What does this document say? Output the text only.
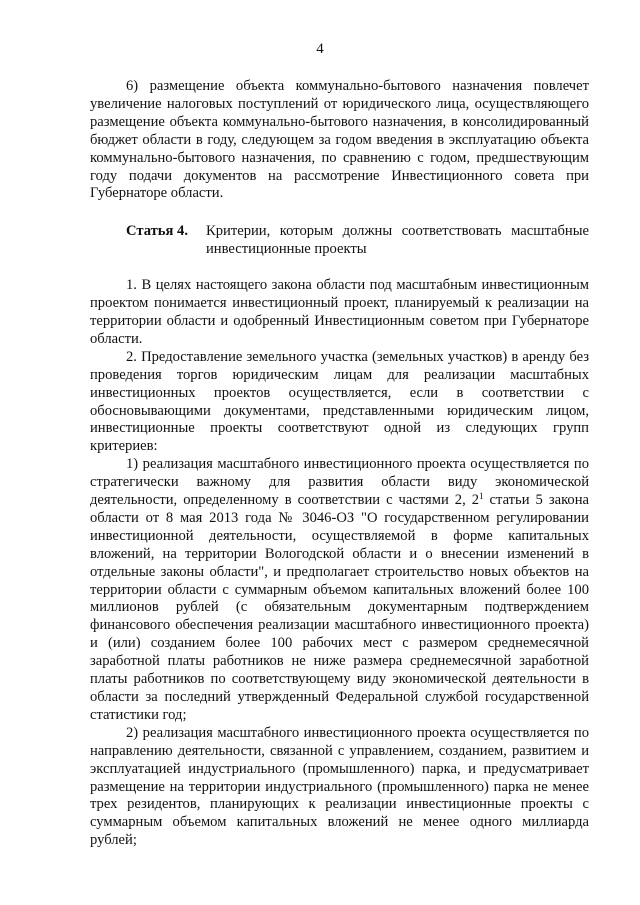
4

6) размещение объекта коммунально-бытового назначения повлечет увеличение налоговых поступлений от юридического лица, осуществляющего размещение объекта коммунально-бытового назначения, в консолидированный бюджет области в году, следующем за годом введения в эксплуатацию объекта коммунально-бытового назначения, по сравнению с годом, предшествующим году подачи документов на рассмотрение Инвестиционного совета при Губернаторе области.

Статья 4.	Критерии, которым должны соответствовать масштабные инвестиционные проекты

1. В целях настоящего закона области под масштабным инвестиционным проектом понимается инвестиционный проект, планируемый к реализации на территории области и одобренный Инвестиционным советом при Губернаторе области.

2. Предоставление земельного участка (земельных участков) в аренду без проведения торгов юридическим лицам для реализации масштабных инвестиционных проектов осуществляется, если в соответствии с обосновывающими документами, представленными юридическим лицом, инвестиционные проекты соответствуют одной из следующих групп критериев:

1) реализация масштабного инвестиционного проекта осуществляется по стратегически важному для развития области виду экономической деятельности, определенному в соответствии с частями 2, $2^1$ статьи 5 закона области от 8 мая 2013 года № 3046-ОЗ "О государственном регулировании инвестиционной деятельности, осуществляемой в форме капитальных вложений, на территории Вологодской области и о внесении изменений в отдельные законы области", и предполагает строительство новых объектов на территории области с суммарным объемом капитальных вложений более 100 миллионов рублей (с обязательным документарным подтверждением финансового обеспечения реализации масштабного инвестиционного проекта) и (или) созданием более 100 рабочих мест с размером среднемесячной заработной платы работников не ниже размера среднемесячной заработной платы работников по соответствующему виду экономической деятельности в области за последний утвержденный Федеральной службой государственной статистики год;

2) реализация масштабного инвестиционного проекта осуществляется по направлению деятельности, связанной с управлением, созданием, развитием и эксплуатацией индустриального (промышленного) парка, и предусматривает размещение на территории индустриального (промышленного) парка не менее трех резидентов, планирующих к реализации инвестиционные проекты с суммарным объемом капитальных вложений не менее одного миллиарда рублей;
